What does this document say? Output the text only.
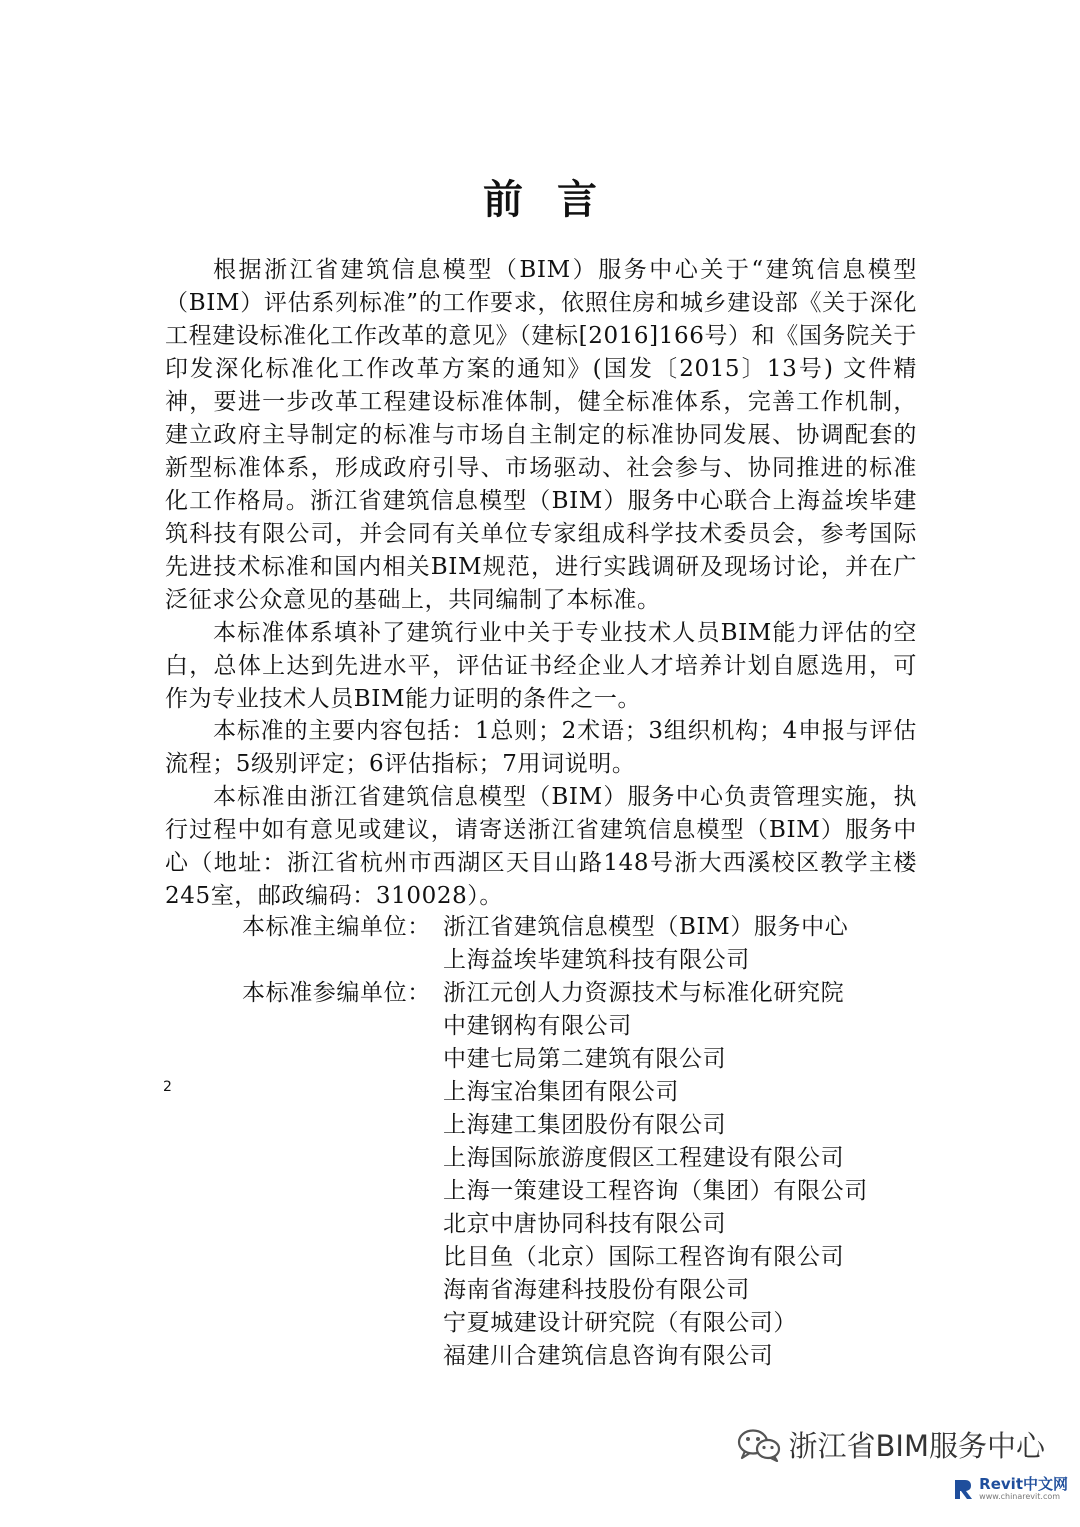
前言
根据浙江省建筑信息模型（BIM）服务中心关于“建筑信息模型（BIM）评估系列标准”的工作要求，依照住房和城乡建设部《关于深化工程建设标准化工作改革的意见》（建标[2016]166号）和《国务院关于印发深化标准化工作改革方案的通知》(国发〔2015〕13号) 文件精神，要进一步改革工程建设标准体制，健全标准体系，完善工作机制，建立政府主导制定的标准与市场自主制定的标准协同发展、协调配套的新型标准体系，形成政府引导、市场驱动、社会参与、协同推进的标准化工作格局。浙江省建筑信息模型（BIM）服务中心联合上海益埃毕建筑科技有限公司，并会同有关单位专家组成科学技术委员会，参考国际先进技术标准和国内相关BIM规范，进行实践调研及现场讨论，并在广泛征求公众意见的基础上，共同编制了本标准。
本标准体系填补了建筑行业中关于专业技术人员BIM能力评估的空白，总体上达到先进水平，评估证书经企业人才培养计划自愿选用，可作为专业技术人员BIM能力证明的条件之一。
本标准的主要内容包括：1总则；2术语；3组织机构；4申报与评估流程；5级别评定；6评估指标；7用词说明。
本标准由浙江省建筑信息模型（BIM）服务中心负责管理实施，执行过程中如有意见或建议，请寄送浙江省建筑信息模型（BIM）服务中心（地址：浙江省杭州市西湖区天目山路148号浙大西溪校区教学主楼245室，邮政编码：310028）。
本标准主编单位： 浙江省建筑信息模型（BIM）服务中心
上海益埃毕建筑科技有限公司
本标准参编单位： 浙江元创人力资源技术与标准化研究院
中建钢构有限公司
中建七局第二建筑有限公司
上海宝冶集团有限公司
上海建工集团股份有限公司
上海国际旅游度假区工程建设有限公司
上海一策建设工程咨询（集团）有限公司
北京中唐协同科技有限公司
比目鱼（北京）国际工程咨询有限公司
海南省海建科技股份有限公司
宁夏城建设计研究院（有限公司）
福建川合建筑信息咨询有限公司
2
浙江省BIM服务中心
Revit中文网
www.chinarevit.com
